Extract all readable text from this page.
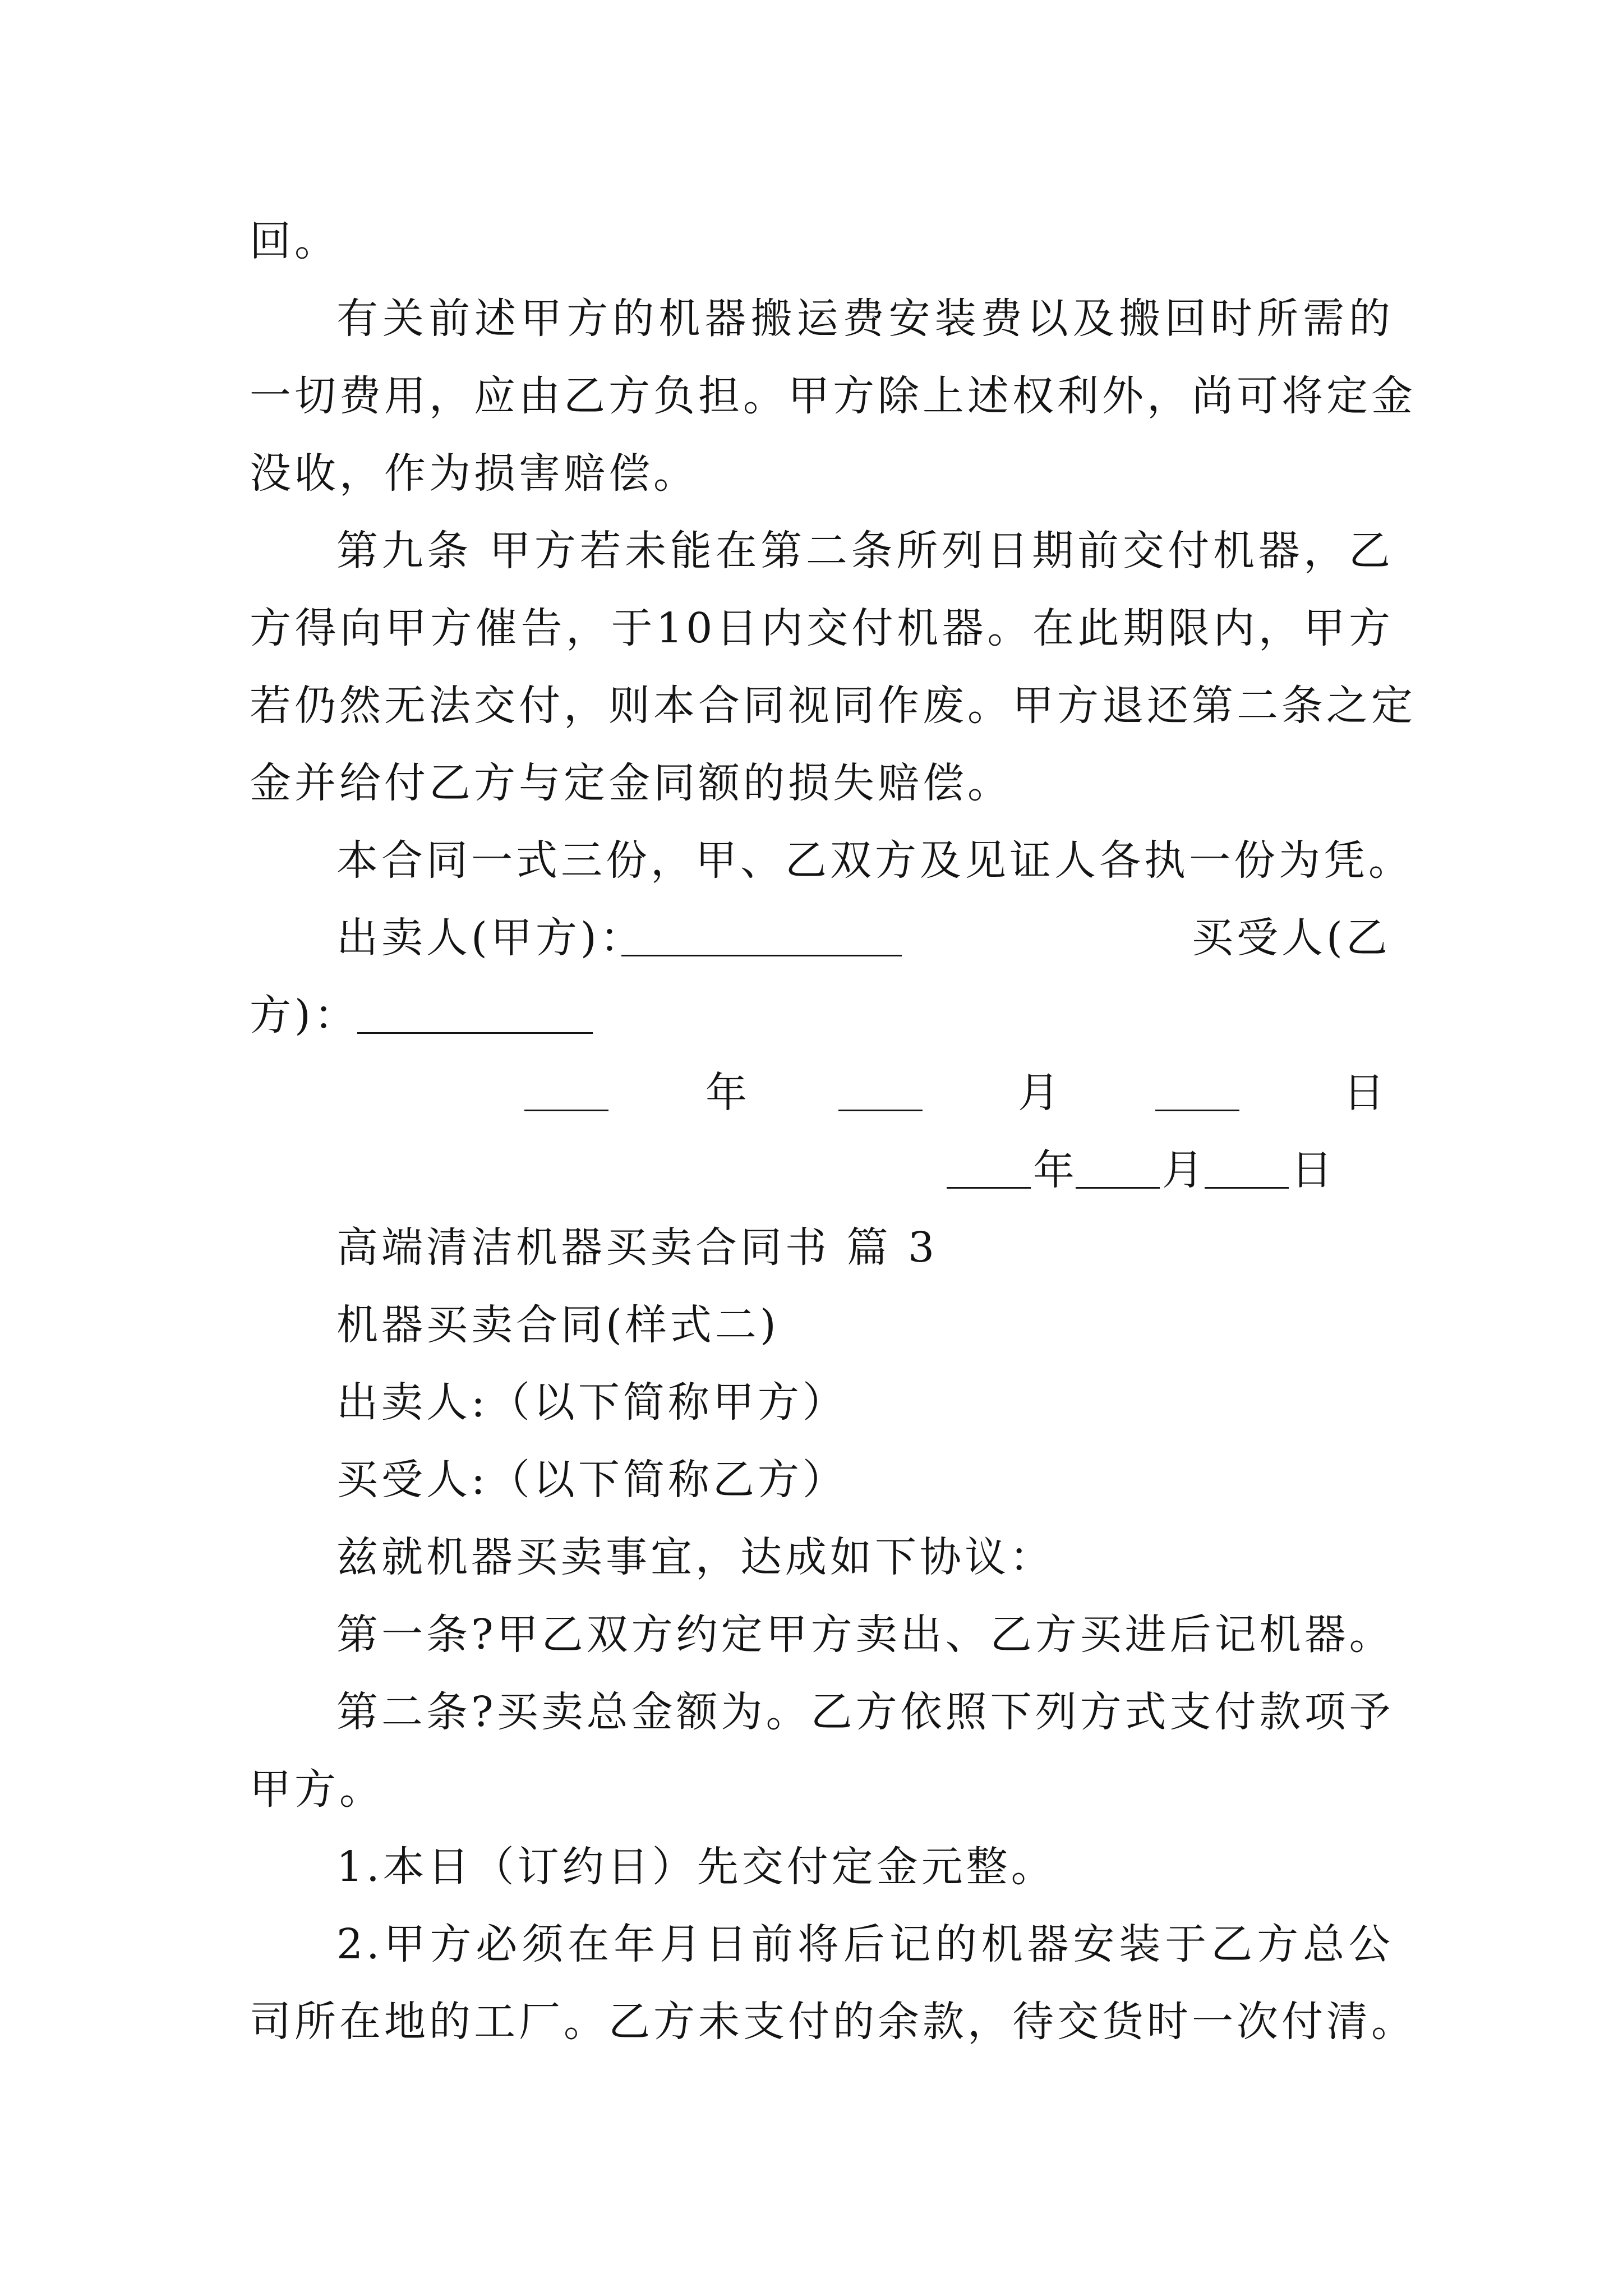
回。
有关前述甲方的机器搬运费安装费以及搬回时所需的
一切费用，应由乙方负担。甲方除上述权利外，尚可将定金
没收，作为损害赔偿。
第九条 甲方若未能在第二条所列日期前交付机器，乙
方得向甲方催告，于10日内交付机器。在此期限内，甲方
若仍然无法交付，则本合同视同作废。甲方退还第二条之定
金并给付乙方与定金同额的损失赔偿。
本合同一式三份，甲、乙双方及见证人各执一份为凭。
出卖人(甲方)：	买受人(乙
方)：
年	月	日
年 月 日
高端清洁机器买卖合同书 篇 3
机器买卖合同(样式二)
出卖人:（以下简称甲方）
买受人:（以下简称乙方）
兹就机器买卖事宜，达成如下协议：
第一条?甲乙双方约定甲方卖出、乙方买进后记机器。
第二条?买卖总金额为。乙方依照下列方式支付款项予
甲方。
1.本日（订约日）先交付定金元整。
2.甲方必须在年月日前将后记的机器安装于乙方总公
司所在地的工厂。乙方未支付的余款，待交货时一次付清。
